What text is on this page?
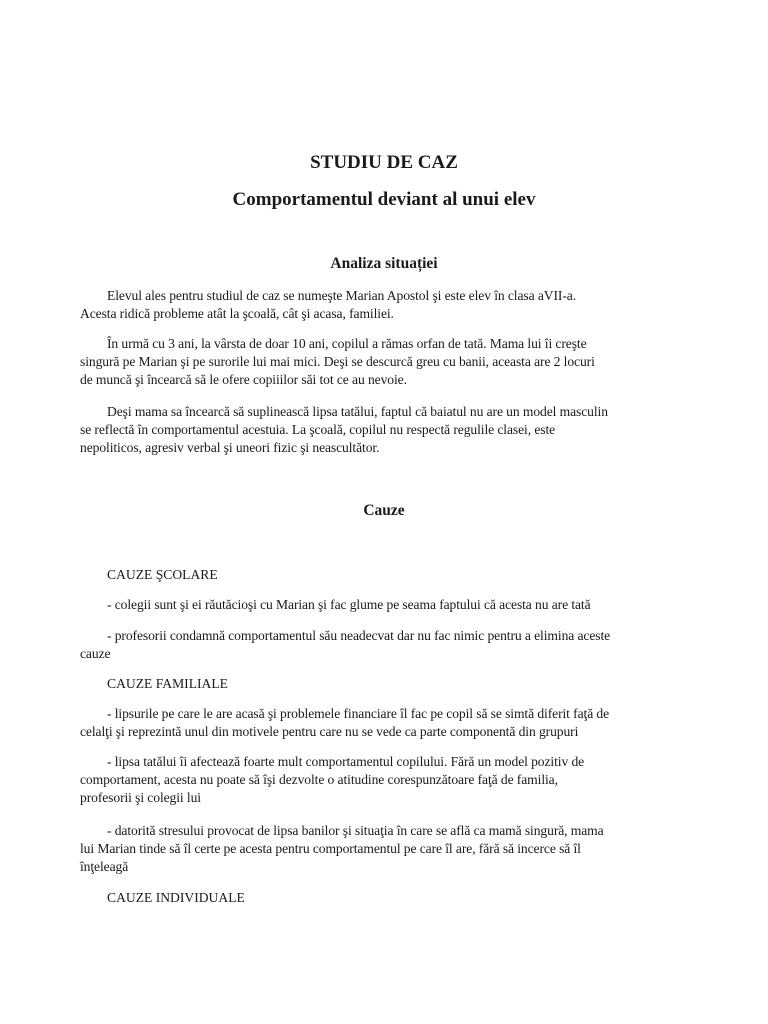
STUDIU DE CAZ
Comportamentul deviant al unui elev
Analiza situației

Elevul ales pentru studiul de caz se numeşte Marian Apostol şi este elev în clasa aVII-a.
Acesta ridică probleme atât la şcoală, cât şi acasa, familiei.

În urmă cu 3 ani, la vârsta de doar 10 ani, copilul a rămas orfan de tată. Mama lui îi creşte
singură pe Marian şi pe surorile lui mai mici. Deşi se descurcă greu cu banii, aceasta are 2 locuri
de muncă şi încearcă să le ofere copiiilor săi tot ce au nevoie.

Deşi mama sa încearcă să suplinească lipsa tatălui, faptul că baiatul nu are un model masculin
se reflectă în comportamentul acestuia. La şcoală, copilul nu respectă regulile clasei, este
nepoliticos, agresiv verbal şi uneori fizic şi neascultător.

Cauze

CAUZE ŞCOLARE

- colegii sunt şi ei răutăcioşi cu Marian şi fac glume pe seama faptului că acesta nu are tată

- profesorii condamnă comportamentul său neadecvat dar nu fac nimic pentru a elimina aceste
cauze

CAUZE FAMILIALE

- lipsurile pe care le are acasă şi problemele financiare îl fac pe copil să se simtă diferit faţă de
celalţi şi reprezintă unul din motivele pentru care nu se vede ca parte componentă din grupuri

- lipsa tatălui îi afectează foarte mult comportamentul copilului. Fără un model pozitiv de
comportament, acesta nu poate să îşi dezvolte o atitudine corespunzătoare faţă de familia,
profesorii şi colegii lui

- datorită stresului provocat de lipsa banilor şi situaţia în care se află ca mamă singură, mama
lui Marian tinde să îl certe pe acesta pentru comportamentul pe care îl are, fără să incerce să îl
înţeleagă

CAUZE INDIVIDUALE
